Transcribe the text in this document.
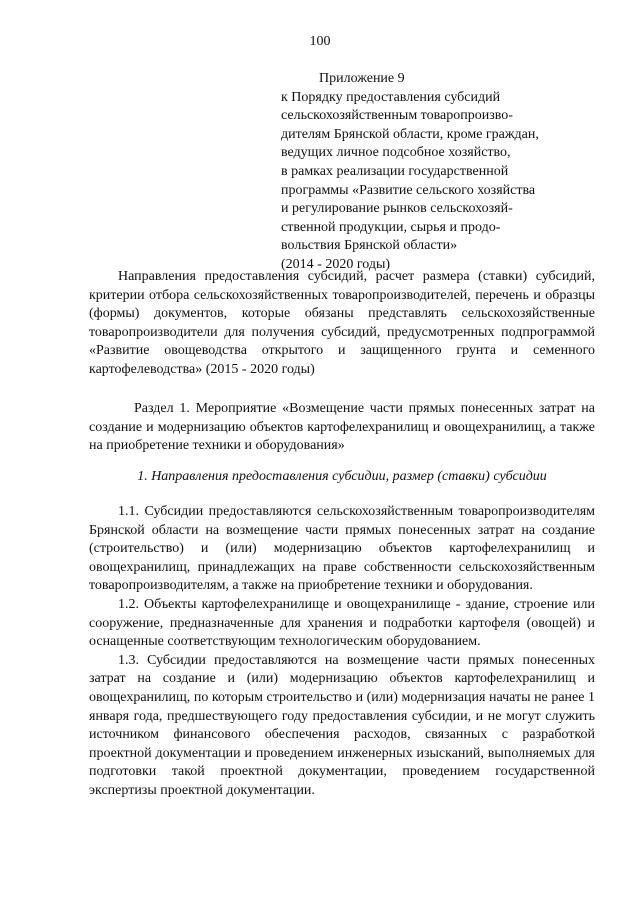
100
Приложение 9
к Порядку предоставления субсидий
сельскохозяйственным товаропроизво-
дителям Брянской области, кроме граждан,
ведущих личное подсобное хозяйство,
в рамках реализации государственной
программы «Развитие сельского хозяйства
и регулирование рынков сельскохозяй-
ственной продукции, сырья и продо-
вольствия Брянской области»
(2014 - 2020 годы)

Направления предоставления субсидий, расчет размера (ставки) субсидий, критерии отбора сельскохозяйственных товаропроизводителей, перечень и образцы (формы) документов, которые обязаны представлять сельскохозяйственные товаропроизводители для получения субсидий, предусмотренных подпрограммой «Развитие овощеводства открытого и защищенного грунта и семенного картофелеводства» (2015 - 2020 годы)

Раздел 1. Мероприятие «Возмещение части прямых понесенных затрат на создание и модернизацию объектов картофелехранилищ и овощехранилищ, а также на приобретение техники и оборудования»

1. Направления предоставления субсидии, размер (ставки) субсидии

1.1. Субсидии предоставляются сельскохозяйственным товаропроизводителям Брянской области на возмещение части прямых понесенных затрат на создание (строительство) и (или) модернизацию объектов картофелехранилищ и овощехранилищ, принадлежащих на праве собственности сельскохозяйственным товаропроизводителям, а также на приобретение техники и оборудования.

1.2. Объекты картофелехранилище и овощехранилище - здание, строение или сооружение, предназначенные для хранения и подработки картофеля (овощей) и оснащенные соответствующим технологическим оборудованием.

1.3. Субсидии предоставляются на возмещение части прямых понесенных затрат на создание и (или) модернизацию объектов картофелехранилищ и овощехранилищ, по которым строительство и (или) модернизация начаты не ранее 1 января года, предшествующего году предоставления субсидии, и не могут служить источником финансового обеспечения расходов, связанных с разработкой проектной документации и проведением инженерных изысканий, выполняемых для подготовки такой проектной документации, проведением государственной экспертизы проектной документации.
